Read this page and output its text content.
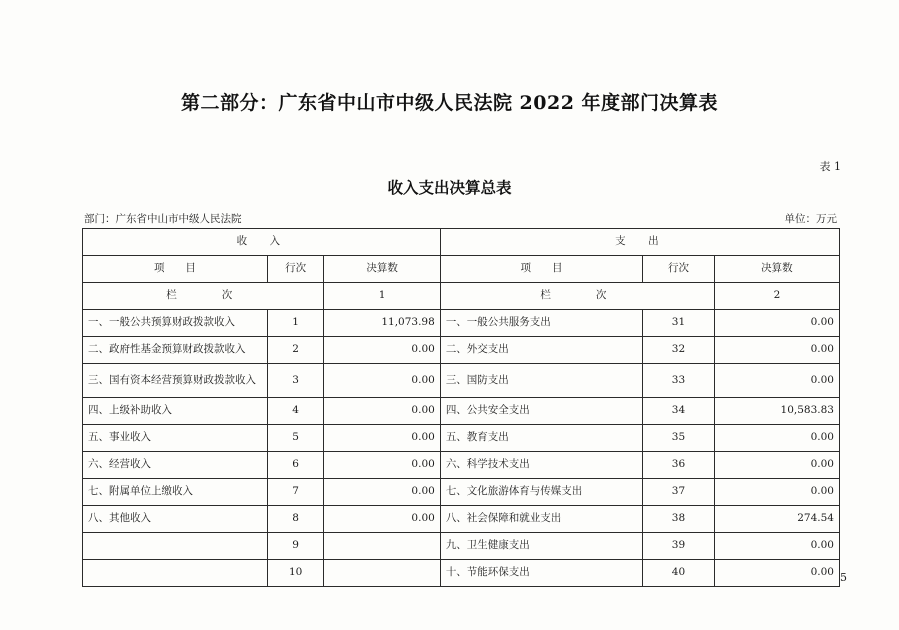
第二部分：广东省中山市中级人民法院 2022 年度部门决算表
表 1
收入支出决算总表
部门：广东省中山市中级人民法院	单位：万元
收　入			支　出		
项　　目	行次	决算数	项　　目	行次	决算数
栏　　次		1	栏　　次		2
一、一般公共预算财政拨款收入	1	11,073.98	一、一般公共服务支出	31	0.00
二、政府性基金预算财政拨款收入	2	0.00	二、外交支出	32	0.00
三、国有资本经营预算财政拨款收入	3	0.00	三、国防支出	33	0.00
四、上级补助收入	4	0.00	四、公共安全支出	34	10,583.83
五、事业收入	5	0.00	五、教育支出	35	0.00
六、经营收入	6	0.00	六、科学技术支出	36	0.00
七、附属单位上缴收入	7	0.00	七、文化旅游体育与传媒支出	37	0.00
八、其他收入	8	0.00	八、社会保障和就业支出	38	274.54
	9		九、卫生健康支出	39	0.00
	10		十、节能环保支出	40	0.00 5
